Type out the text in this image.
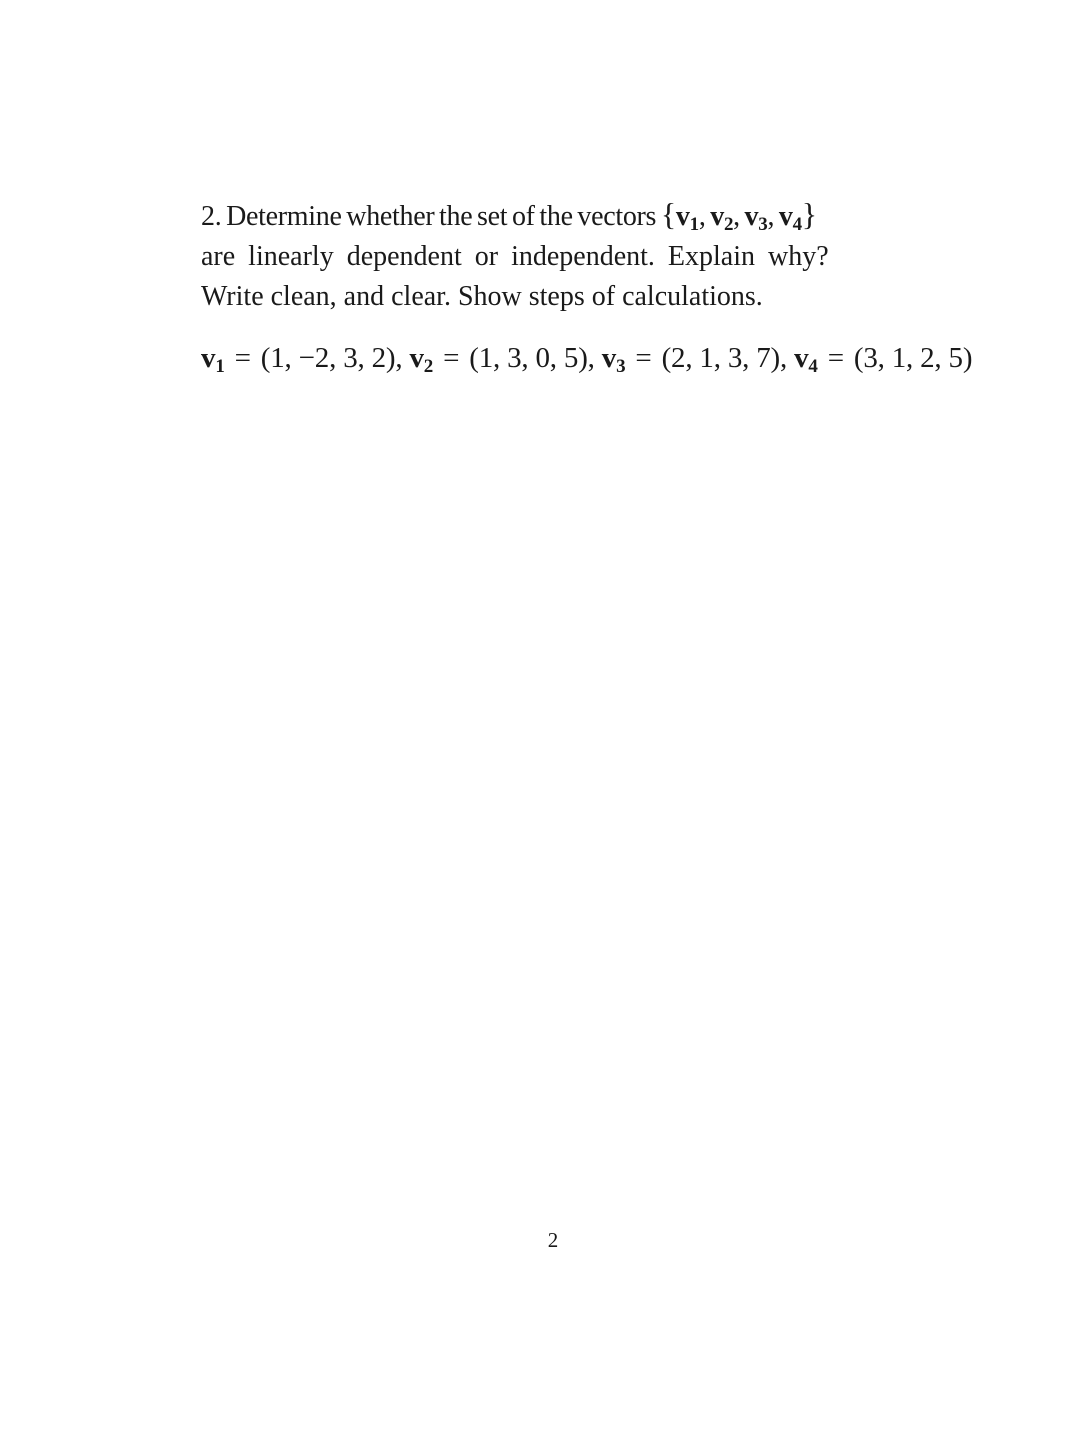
2. Determine whether the set of the vectors {$v_1$, $v_2$, $v_3$, $v_4$}
are linearly dependent or independent. Explain why?
Write clean, and clear. Show steps of calculations.
$v_1 = (1$, −2, 3, 2), $v_2 = (1$, 3, 0, 5), $v_3 = (2$, 1, 3, 7), $v_4 = (3$, 1, 2, 5)
2
